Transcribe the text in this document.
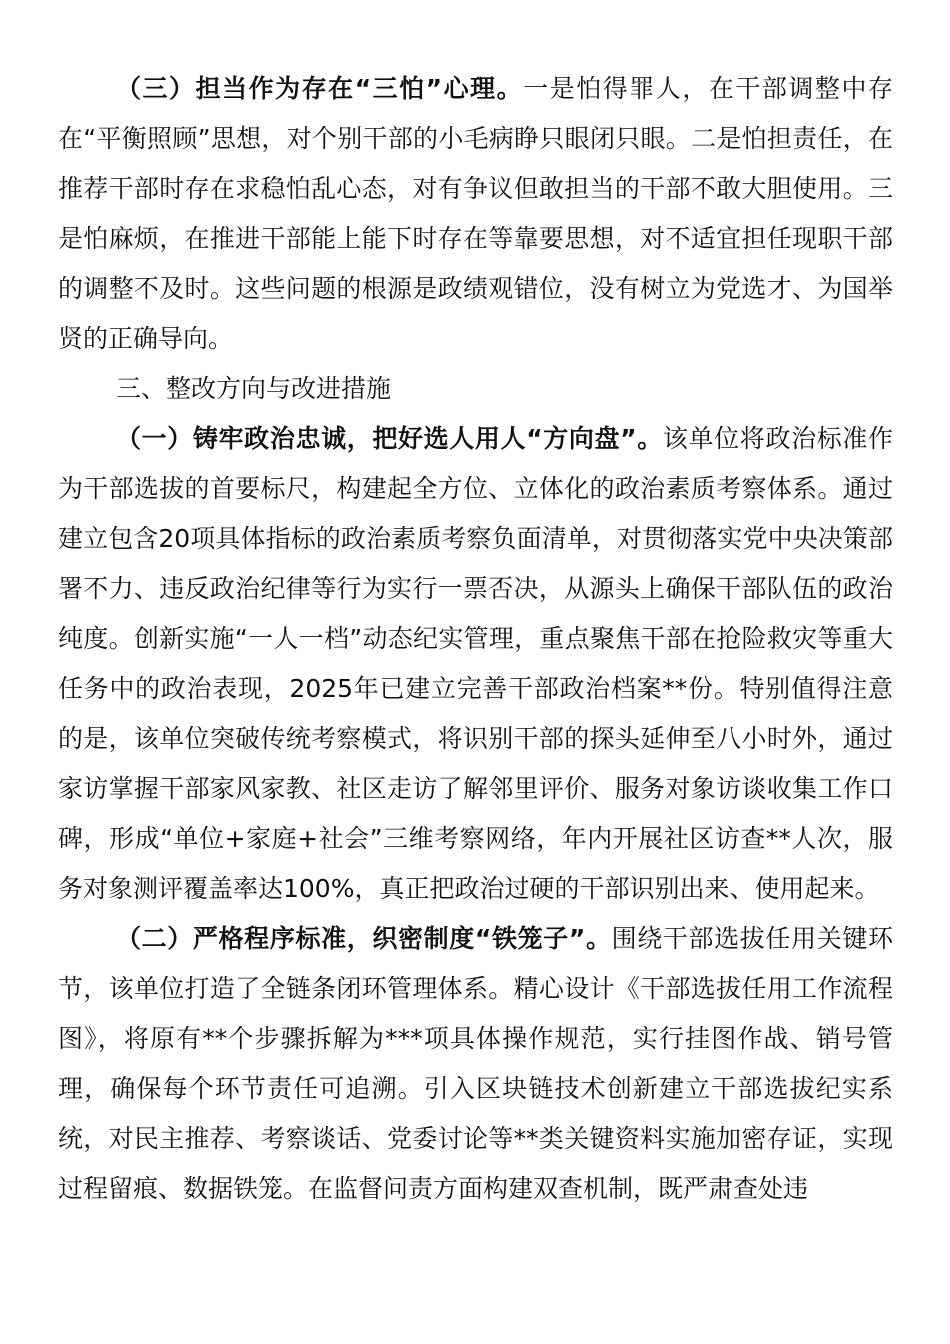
（三）担当作为存在“三怕”心理。一是怕得罪人，在干部调整中存在“平衡照顾”思想，对个别干部的小毛病睁只眼闭只眼。二是怕担责任，在推荐干部时存在求稳怕乱心态，对有争议但敢担当的干部不敢大胆使用。三是怕麻烦，在推进干部能上能下时存在等靠要思想，对不适宜担任现职干部的调整不及时。这些问题的根源是政绩观错位，没有树立为党选才、为国举贤的正确导向。

三、整改方向与改进措施

（一）铸牢政治忠诚，把好选人用人“方向盘”。该单位将政治标准作为干部选拔的首要标尺，构建起全方位、立体化的政治素质考察体系。通过建立包含20项具体指标的政治素质考察负面清单，对贯彻落实党中央决策部署不力、违反政治纪律等行为实行一票否决，从源头上确保干部队伍的政治纯度。创新实施“一人一档”动态纪实管理，重点聚焦干部在抢险救灾等重大任务中的政治表现，2025年已建立完善干部政治档案**份。特别值得注意的是，该单位突破传统考察模式，将识别干部的探头延伸至八小时外，通过家访掌握干部家风家教、社区走访了解邻里评价、服务对象访谈收集工作口碑，形成“单位+家庭+社会”三维考察网络，年内开展社区访查**人次，服务对象测评覆盖率达100%，真正把政治过硬的干部识别出来、使用起来。

（二）严格程序标准，织密制度“铁笼子”。围绕干部选拔任用关键环节，该单位打造了全链条闭环管理体系。精心设计《干部选拔任用工作流程图》，将原有**个步骤拆解为***项具体操作规范，实行挂图作战、销号管理，确保每个环节责任可追溯。引入区块链技术创新建立干部选拔纪实系统，对民主推荐、考察谈话、党委讨论等**类关键资料实施加密存证，实现过程留痕、数据铁笼。在监督问责方面构建双查机制，既严肃查处违
